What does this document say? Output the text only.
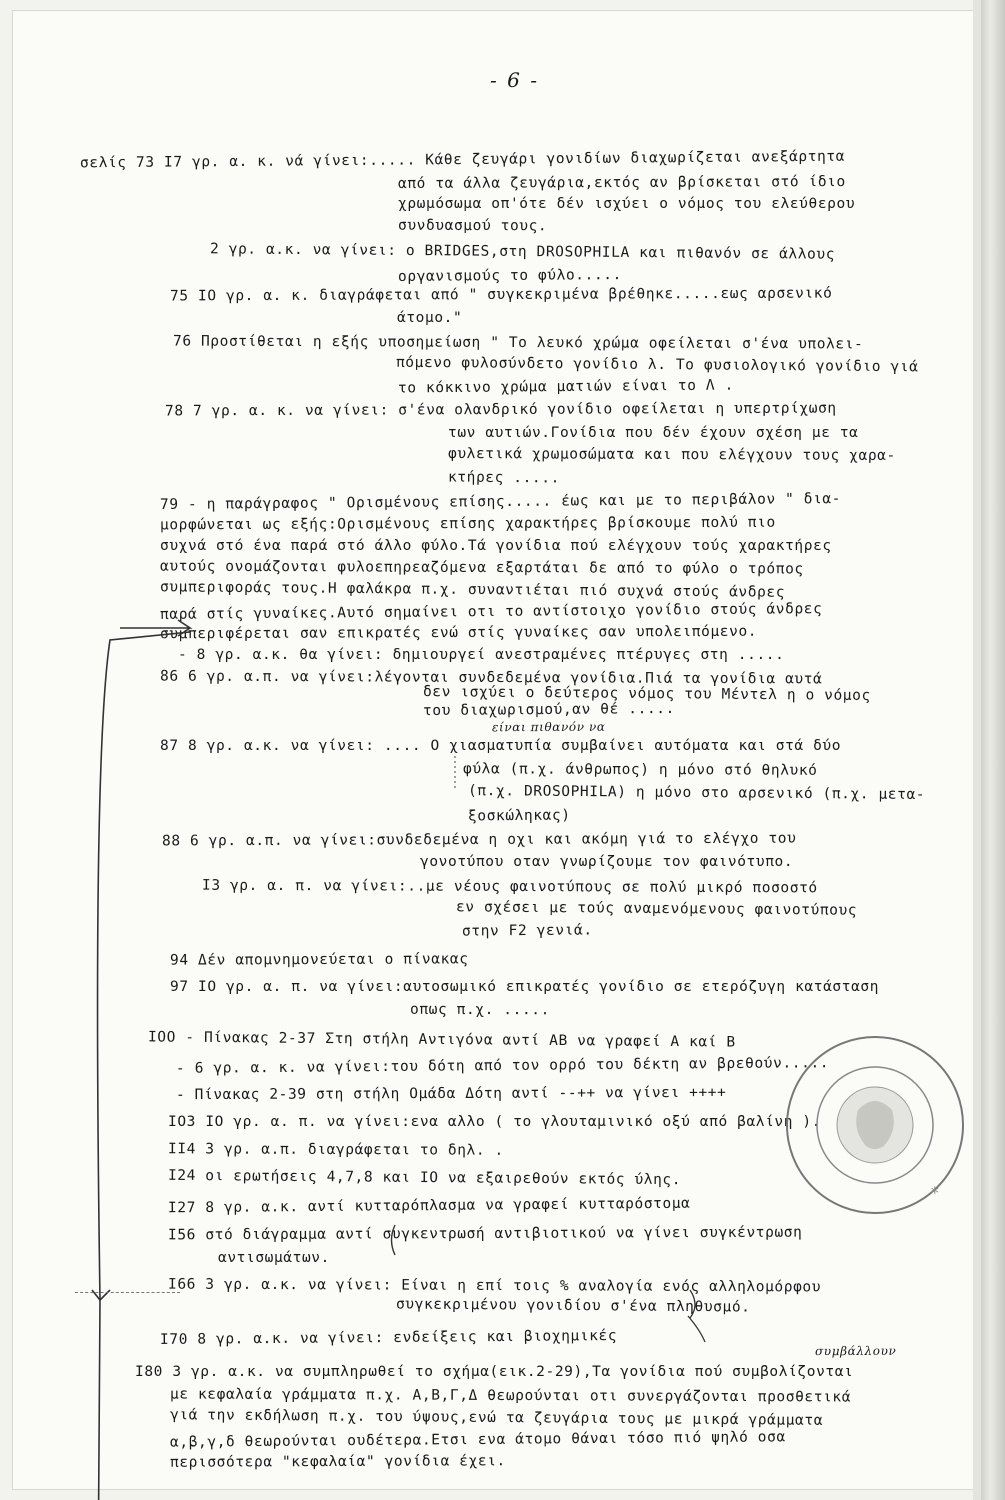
- 6 -
σελίς 73 I7 γρ. α. κ. νά γίνει:..... Κάθε ζευγάρι γονιδίων διαχωρίζεται ανεξάρτητα
από τα άλλα ζευγάρια,εκτός αν βρίσκεται στό ίδιο
χρωμόσωμα οπ'ότε δέν ισχύει ο νόμος του ελεύθερου
συνδυασμού τους.
2 γρ. α.κ. να γίνει: ο BRIDGES,στη DROSOPHILA και πιθανόν σε άλλους
οργανισμούς το φύλο.....
75 IO γρ. α. κ. διαγράφεται από " συγκεκριμένα βρέθηκε.....εως αρσενικό
άτομο."
76 Προστίθεται η εξής υποσημείωση " Το λευκό χρώμα οφείλεται σ'ένα υπολει-
πόμενο φυλοσύνδετο γονίδιο λ. Το φυσιολογικό γονίδιο γιά
το κόκκινο χρώμα ματιών είναι το Λ .
78 7 γρ. α. κ. να γίνει: σ'ένα ολανδρικό γονίδιο οφείλεται η υπερτρίχωση
των αυτιών.Γονίδια που δέν έχουν σχέση με τα
φυλετικά χρωμοσώματα και που ελέγχουν τους χαρα-
κτήρες .....
79 - η παράγραφος " Ορισμένους επίσης..... έως και με το περιβάλον " δια-
μορφώνεται ως εξής:Ορισμένους επίσης χαρακτήρες βρίσκουμε πολύ πιο
συχνά στό ένα παρά στό άλλο φύλο.Τά γονίδια πού ελέγχουν τούς χαρακτήρες
αυτούς ονομάζονται φυλοεπηρεαζόμενα εξαρτάται δε από το φύλο ο τρόπος
συμπεριφοράς τους.Η φαλάκρα π.χ. συναντιέται πιό συχνά στούς άνδρες
παρά στίς γυναίκες.Αυτό σημαίνει οτι το αντίστοιχο γονίδιο στούς άνδρες
συμπεριφέρεται σαν επικρατές ενώ στίς γυναίκες σαν υπολειπόμενο.
- 8 γρ. α.κ. θα γίνει: δημιουργεί ανεστραμένες πτέρυγες στη .....
86 6 γρ. α.π. να γίνει:λέγονται συνδεδεμένα γονίδια.Πιά τα γονίδια αυτά
δεν ισχύει ο δεύτερος νόμος του Μέντελ η ο νόμος
του διαχωρισμού,αν θέ .....
είναι πιθανόν να
87 8 γρ. α.κ. να γίνει: .... Ο χιασματυπία συμβαίνει αυτόματα και στά δύο
φύλα (π.χ. άνθρωπος) η μόνο στό θηλυκό
(π.χ. DROSOPHILA) η μόνο στο αρσενικό (π.χ. μετα-
ξοσκώληκας)
88 6 γρ. α.π. να γίνει:συνδεδεμένα η οχι και ακόμη γιά το ελέγχο του
γονοτύπου οταν γνωρίζουμε τον φαινότυπο.
I3 γρ. α. π. να γίνει:..με νέους φαινοτύπους σε πολύ μικρό ποσοστό
εν σχέσει με τούς αναμενόμενους φαινοτύπους
στην F2 γενιά.
94 Δέν απομνημονεύεται ο πίνακας
97 IO γρ. α. π. να γίνει:αυτοσωμικό επικρατές γονίδιο σε ετερόζυγη κατάσταση
οπως π.χ. .....
IOO - Πίνακας 2-37 Στη στήλη Αντιγόνα αντί AB να γραφεί A καί B
- 6 γρ. α. κ. να γίνει:του δότη από τον ορρό του δέκτη αν βρεθούν.....
- Πίνακας 2-39 στη στήλη Ομάδα Δότη αντί --++ να γίνει ++++
IO3 IO γρ. α. π. να γίνει:ενα αλλο ( το γλουταμινικό οξύ από βαλίνη ).
II4 3 γρ. α.π. διαγράφεται το δηλ. .
I24 οι ερωτήσεις 4,7,8 και IO να εξαιρεθούν εκτός ύλης.
I27 8 γρ. α.κ. αντί κυτταρόπλασμα να γραφεί κυτταρόστομα
I56 στό διάγραμμα αντί συγκεντρωσή αντιβιοτικού να γίνει συγκέντρωση
αντισωμάτων.
I66 3 γρ. α.κ. να γίνει: Είναι η επί τοις % αναλογία ενός αλληλομόρφου
συγκεκριμένου γονιδίου σ'ένα πληθυσμό.
I70 8 γρ. α.κ. να γίνει: ενδείξεις και βιοχημικές
συμβάλλουν
I80 3 γρ. α.κ. να συμπληρωθεί το σχήμα(εικ.2-29),Τα γονίδια πού συμβολίζονται
με κεφαλαία γράμματα π.χ. Α,Β,Γ,Δ θεωρούνται οτι συνεργάζονται προσθετικά
γιά την εκδήλωση π.χ. του ύψους,ενώ τα ζευγάρια τους με μικρά γράμματα
α,β,γ,δ θεωρούνται ουδέτερα.Ετσι ενα άτομο θάναι τόσο πιό ψηλό οσα
περισσότερα "κεφαλαία" γονίδια έχει.
*
